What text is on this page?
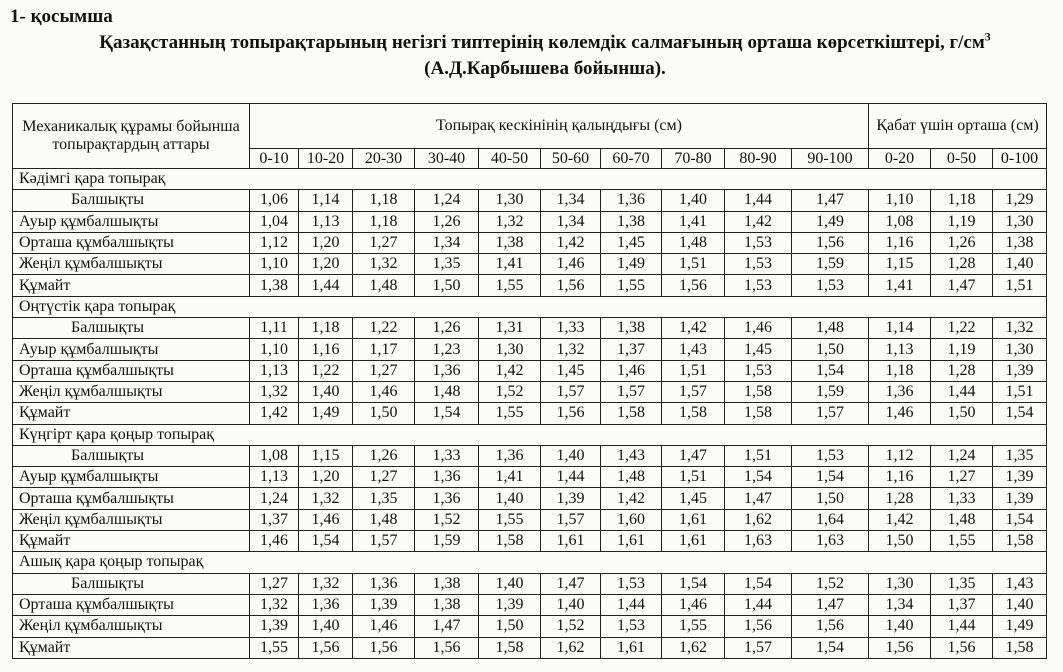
1- қосымша
Қазақстанның топырақтарының негізгі типтерінің көлемдік салмағының орташа көрсеткіштері, $г/см^3$
(А.Д.Карбышева бойынша).
Механикалық құрамы бойынша топырақтардың аттары	Топырақ кескінінің қалыңдығы (см)										Қабат үшін орташа (см)		
	0-10	10-20	20-30	30-40	40-50	50-60	60-70	70-80	80-90	90-100	0-20	0-50	0-100
Кәдімгі қара топырақ													
Балшықты	1,06	1,14	1,18	1,24	1,30	1,34	1,36	1,40	1,44	1,47	1,10	1,18	1,29
Ауыр құмбалшықты	1,04	1,13	1,18	1,26	1,32	1,34	1,38	1,41	1,42	1,49	1,08	1,19	1,30
Орташа құмбалшықты	1,12	1,20	1,27	1,34	1,38	1,42	1,45	1,48	1,53	1,56	1,16	1,26	1,38
Жеңіл құмбалшықты	1,10	1,20	1,32	1,35	1,41	1,46	1,49	1,51	1,53	1,59	1,15	1,28	1,40
Құмайт	1,38	1,44	1,48	1,50	1,55	1,56	1,55	1,56	1,53	1,53	1,41	1,47	1,51
Оңтүстік қара топырақ													
Балшықты	1,11	1,18	1,22	1,26	1,31	1,33	1,38	1,42	1,46	1,48	1,14	1,22	1,32
Ауыр құмбалшықты	1,10	1,16	1,17	1,23	1,30	1,32	1,37	1,43	1,45	1,50	1,13	1,19	1,30
Орташа құмбалшықты	1,13	1,22	1,27	1,36	1,42	1,45	1,46	1,51	1,53	1,54	1,18	1,28	1,39
Жеңіл құмбалшықты	1,32	1,40	1,46	1,48	1,52	1,57	1,57	1,57	1,58	1,59	1,36	1,44	1,51
Құмайт	1,42	1,49	1,50	1,54	1,55	1,56	1,58	1,58	1,58	1,57	1,46	1,50	1,54
Күңгірт қара қоңыр топырақ													
Балшықты	1,08	1,15	1,26	1,33	1,36	1,40	1,43	1,47	1,51	1,53	1,12	1,24	1,35
Ауыр құмбалшықты	1,13	1,20	1,27	1,36	1,41	1,44	1,48	1,51	1,54	1,54	1,16	1,27	1,39
Орташа құмбалшықты	1,24	1,32	1,35	1,36	1,40	1,39	1,42	1,45	1,47	1,50	1,28	1,33	1,39
Жеңіл құмбалшықты	1,37	1,46	1,48	1,52	1,55	1,57	1,60	1,61	1,62	1,64	1,42	1,48	1,54
Құмайт	1,46	1,54	1,57	1,59	1,58	1,61	1,61	1,61	1,63	1,63	1,50	1,55	1,58
Ашық қара қоңыр топырақ													
Балшықты	1,27	1,32	1,36	1,38	1,40	1,47	1,53	1,54	1,54	1,52	1,30	1,35	1,43
Орташа құмбалшықты	1,32	1,36	1,39	1,38	1,39	1,40	1,44	1,46	1,44	1,47	1,34	1,37	1,40
Жеңіл құмбалшықты	1,39	1,40	1,46	1,47	1,50	1,52	1,53	1,55	1,56	1,56	1,40	1,44	1,49
Құмайт	1,55	1,56	1,56	1,56	1,58	1,62	1,61	1,62	1,57	1,54	1,56	1,56	1,58
